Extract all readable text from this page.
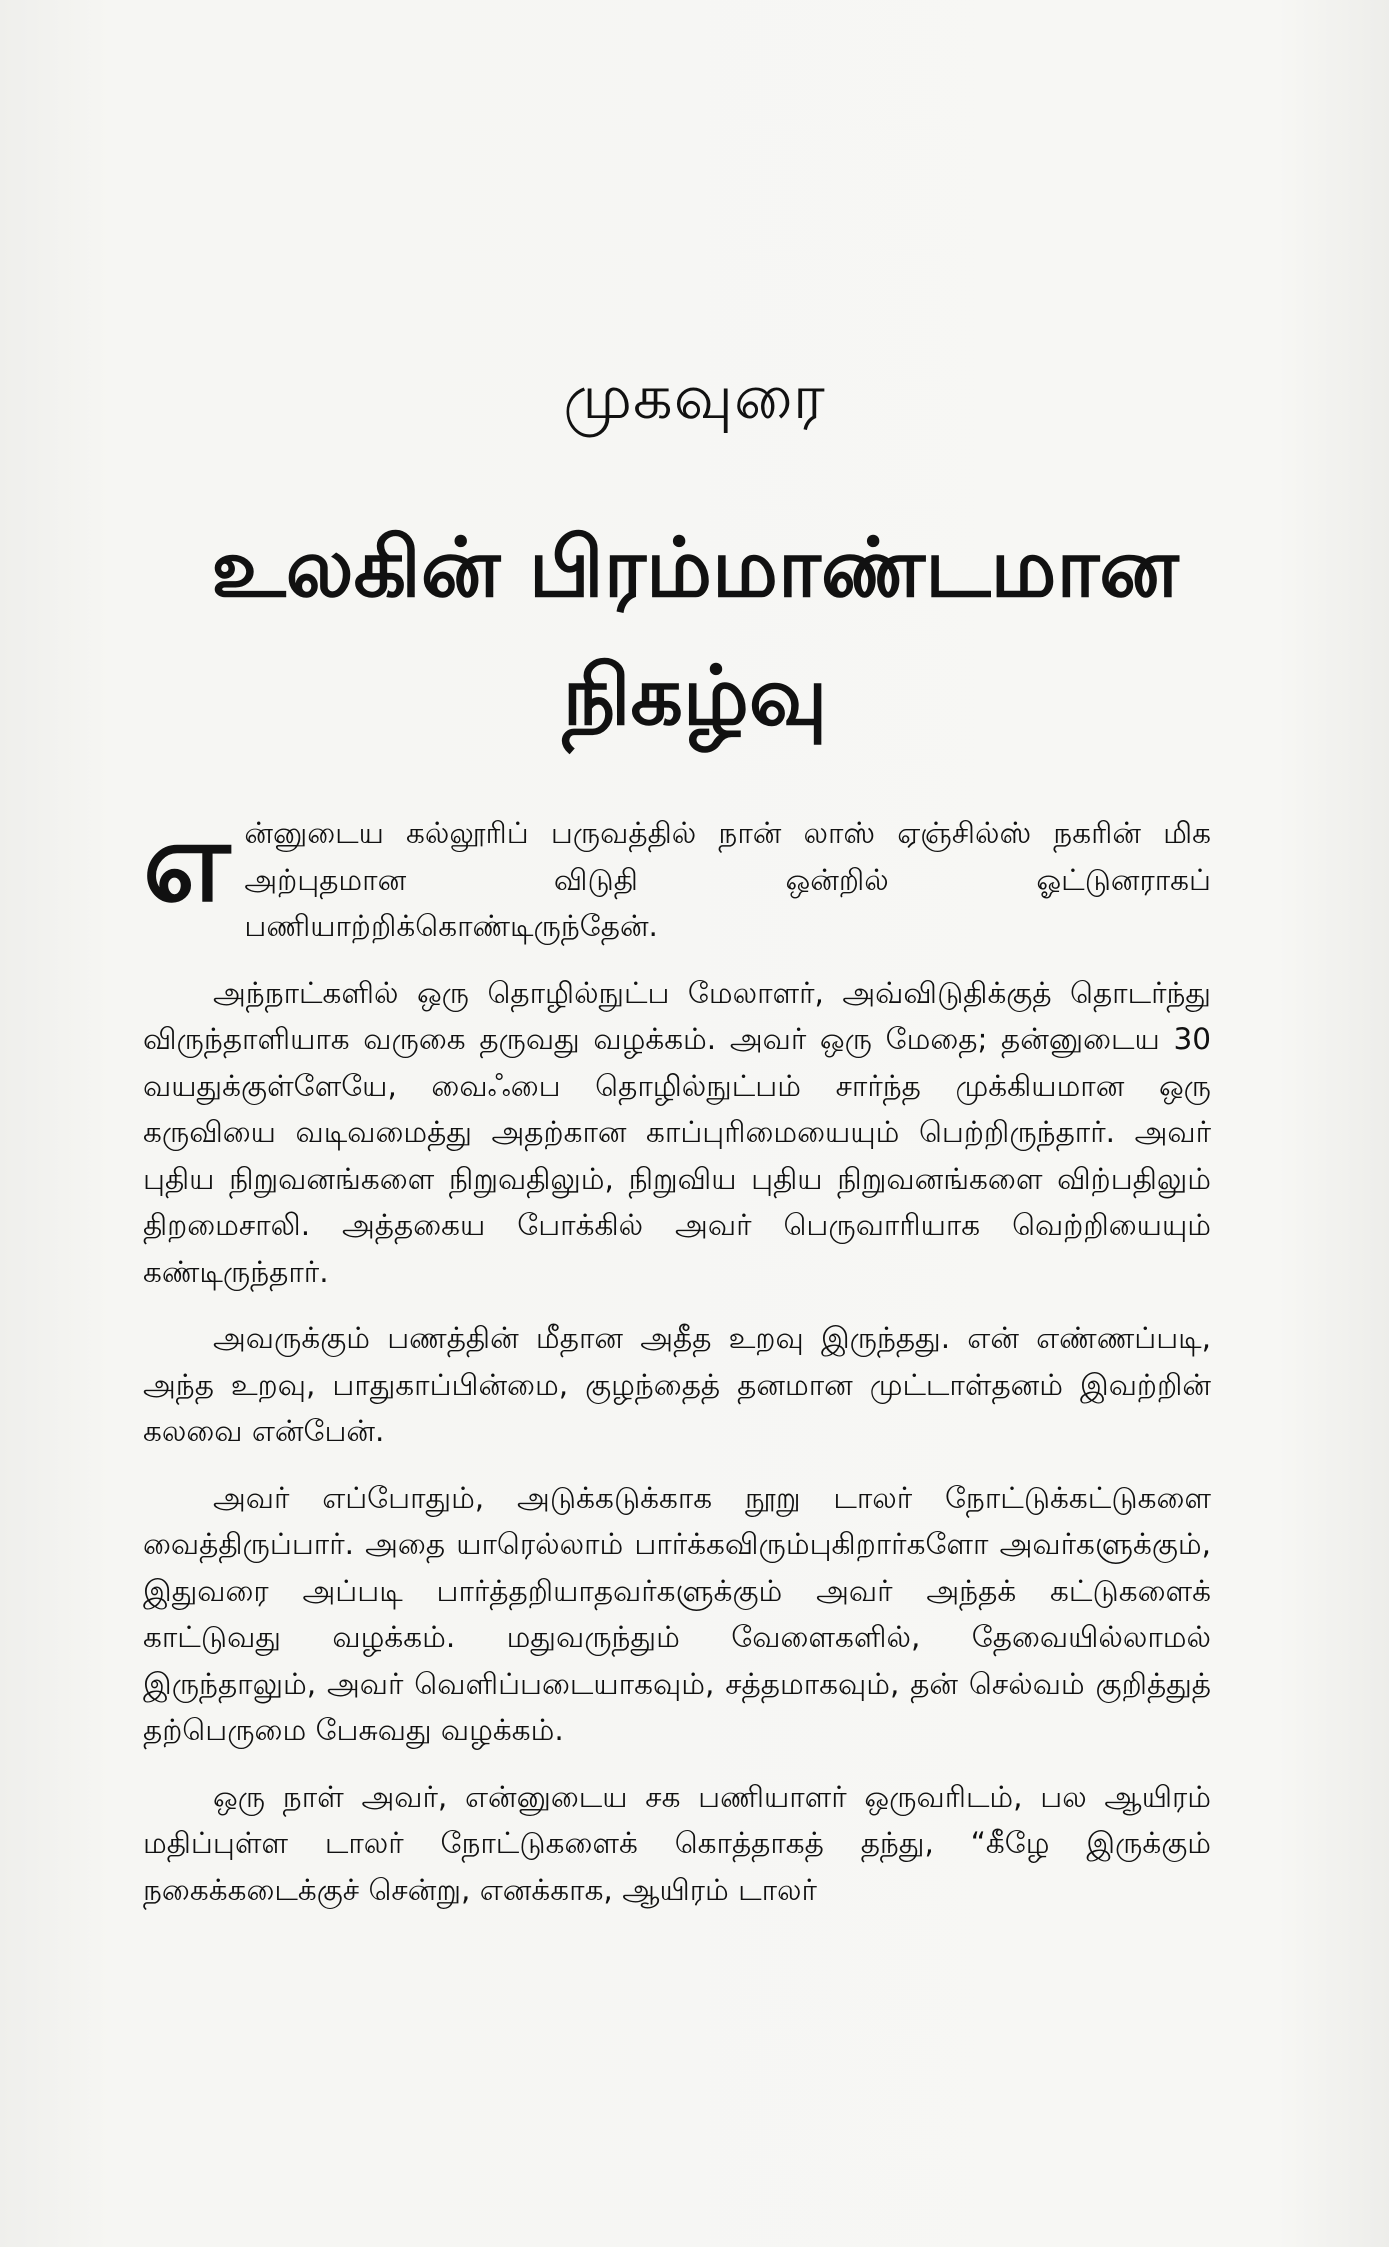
முகவுரை
உலகின் பிரம்மாண்டமான நிகழ்வு

என்னுடைய கல்லூரிப் பருவத்தில் நான் லாஸ் ஏஞ்சில்ஸ் நகரின் மிக அற்புதமான விடுதி ஒன்றில் ஓட்டுனராகப் பணியாற்றிக்கொண்டிருந்தேன்.

அந்நாட்களில் ஒரு தொழில்நுட்ப மேலாளர், அவ்விடுதிக்குத் தொடர்ந்து விருந்தாளியாக வருகை தருவது வழக்கம். அவர் ஒரு மேதை; தன்னுடைய 30 வயதுக்குள்ளேயே, வைஃபை தொழில்நுட்பம் சார்ந்த முக்கியமான ஒரு கருவியை வடிவமைத்து அதற்கான காப்புரிமையையும் பெற்றிருந்தார். அவர் புதிய நிறுவனங்களை நிறுவதிலும், நிறுவிய புதிய நிறுவனங்களை விற்பதிலும் திறமைசாலி. அத்தகைய போக்கில் அவர் பெருவாரியாக வெற்றியையும் கண்டிருந்தார்.

அவருக்கும் பணத்தின் மீதான அதீத உறவு இருந்தது. என் எண்ணப்படி, அந்த உறவு, பாதுகாப்பின்மை, குழந்தைத் தனமான முட்டாள்தனம் இவற்றின் கலவை என்பேன்.

அவர் எப்போதும், அடுக்கடுக்காக நூறு டாலர் நோட்டுக்கட்டுகளை வைத்திருப்பார். அதை யாரெல்லாம் பார்க்கவிரும்புகிறார்களோ அவர்களுக்கும், இதுவரை அப்படி பார்த்தறியாதவர்களுக்கும் அவர் அந்தக் கட்டுகளைக் காட்டுவது வழக்கம். மதுவருந்தும் வேளைகளில், தேவையில்லாமல் இருந்தாலும், அவர் வெளிப்படையாகவும், சத்தமாகவும், தன் செல்வம் குறித்துத் தற்பெருமை பேசுவது வழக்கம்.

ஒரு நாள் அவர், என்னுடைய சக பணியாளர் ஒருவரிடம், பல ஆயிரம் மதிப்புள்ள டாலர் நோட்டுகளைக் கொத்தாகத் தந்து, “கீழே இருக்கும் நகைக்கடைக்குச் சென்று, எனக்காக, ஆயிரம் டாலர்
